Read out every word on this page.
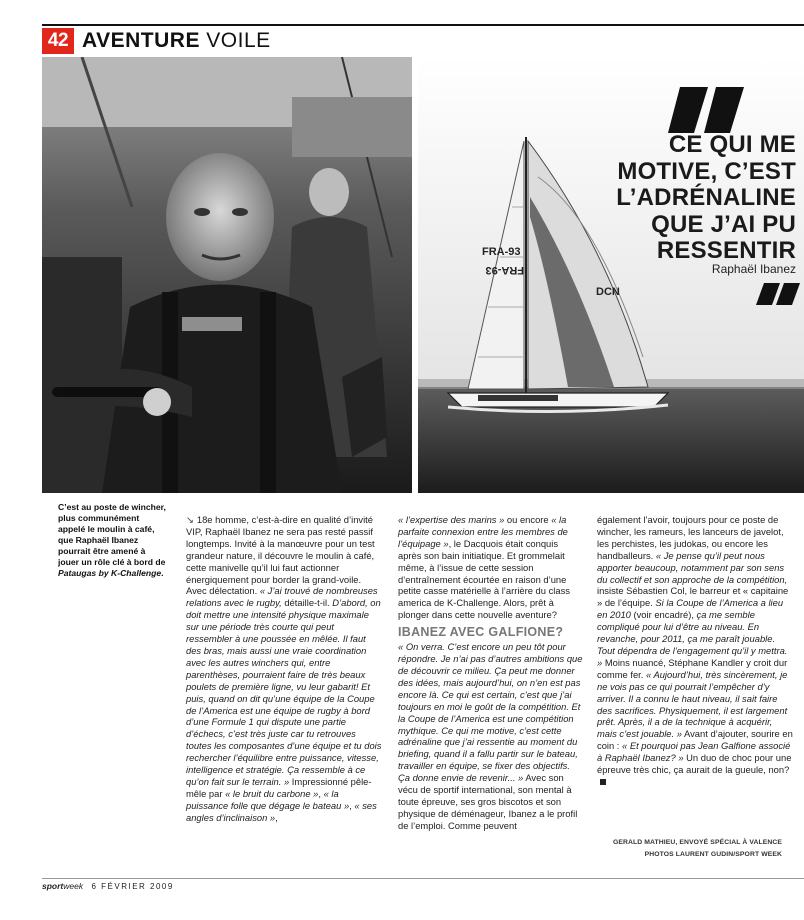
42 AVENTURE VOILE
FRA-93
FRA-93
DCN
CE QUI ME
MOTIVE, C’EST
L’ADRÉNALINE
QUE J’AI PU
RESSENTIR
Raphaël Ibanez
C’est au poste de wincher, plus communément appelé le moulin à café, que Raphaël Ibanez pourrait être amené à jouer un rôle clé à bord de Pataugas by K-Challenge.
↘ 18e homme, c’est-à-dire en qualité d’invité VIP, Raphaël Ibanez ne sera pas resté passif longtemps. Invité à la manœuvre pour un test grandeur nature, il découvre le moulin à café, cette manivelle qu’il lui faut actionner énergiquement pour border la grand-voile. Avec délectation. « J’ai trouvé de nombreuses relations avec le rugby, détaille-t-il. D’abord, on doit mettre une intensité physique maximale sur une période très courte qui peut ressembler à une poussée en mêlée. Il faut des bras, mais aussi une vraie coordination avec les autres winchers qui, entre parenthèses, pourraient faire de très beaux poulets de première ligne, vu leur gabarit! Et puis, quand on dit qu’une équipe de la Coupe de l’America est une équipe de rugby à bord d’une Formule 1 qui dispute une partie d’échecs, c’est très juste car tu retrouves toutes les composantes d’une équipe et tu dois rechercher l’équilibre entre puissance, vitesse, intelligence et stratégie. Ça ressemble à ce qu’on fait sur le terrain. » Impressionné pêle-mêle par « le bruit du carbone », « la puissance folle que dégage le bateau », « ses angles d’inclinaison »,
« l’expertise des marins » ou encore « la parfaite connexion entre les membres de l’équipage », le Dacquois était conquis après son bain initiatique. Et grommelait même, à l’issue de cette session d’entraînement écourtée en raison d’une petite casse matérielle à l’arrière du class america de K-Challenge. Alors, prêt à plonger dans cette nouvelle aventure?
IBANEZ AVEC GALFIONE?
« On verra. C’est encore un peu tôt pour répondre. Je n’ai pas d’autres ambitions que de découvrir ce milieu. Ça peut me donner des idées, mais aujourd’hui, on n’en est pas encore là. Ce qui est certain, c’est que j’ai toujours en moi le goût de la compétition. Et la Coupe de l’America est une compétition mythique. Ce qui me motive, c’est cette adrénaline que j’ai ressentie au moment du briefing, quand il a fallu partir sur le bateau, travailler en équipe, se fixer des objectifs. Ça donne envie de revenir... » Avec son vécu de sportif international, son mental à toute épreuve, ses gros biscotos et son physique de déménageur, Ibanez a le profil de l’emploi. Comme peuvent
également l’avoir, toujours pour ce poste de wincher, les rameurs, les lanceurs de javelot, les perchistes, les judokas, ou encore les handballeurs. « Je pense qu’il peut nous apporter beaucoup, notamment par son sens du collectif et son approche de la compétition, insiste Sébastien Col, le barreur et « capitaine » de l’équipe. Si la Coupe de l’America a lieu en 2010 (voir encadré), ça me semble compliqué pour lui d’être au niveau. En revanche, pour 2011, ça me paraît jouable. Tout dépendra de l’engagement qu’il y mettra. » Moins nuancé, Stéphane Kandler y croit dur comme fer. « Aujourd’hui, très sincèrement, je ne vois pas ce qui pourrait l’empêcher d’y arriver. Il a connu le haut niveau, il sait faire des sacrifices. Physiquement, il est largement prêt. Après, il a de la technique à acquérir, mais c’est jouable. » Avant d’ajouter, sourire en coin : « Et pourquoi pas Jean Galfione associé à Raphaël Ibanez? » Un duo de choc pour une épreuve très chic, ça aurait de la gueule, non?
GERALD MATHIEU, ENVOYÉ SPÉCIAL À VALENCE
PHOTOS LAURENT GUDIN/SPORT WEEK
sportweek 6 FÉVRIER 2009
